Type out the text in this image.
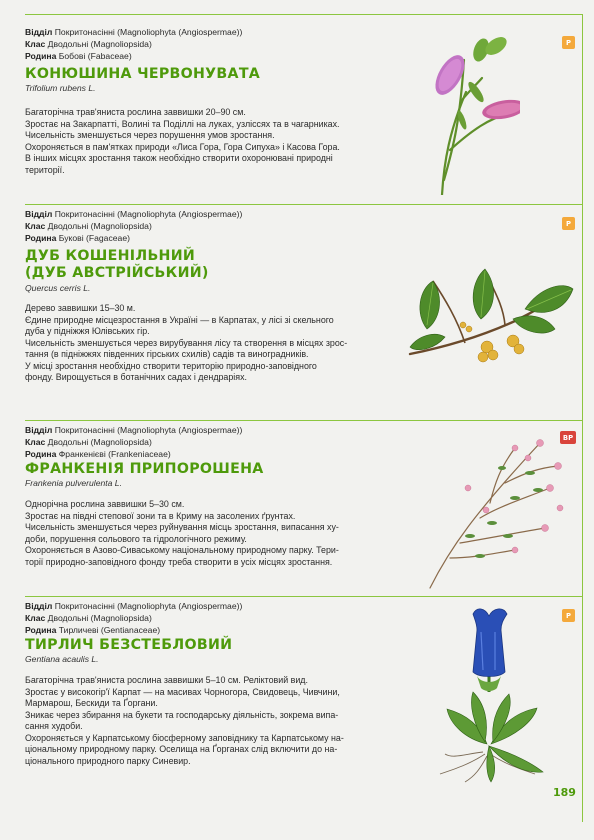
Відділ Покритонасінні (Magnoliophyta (Angiospermae))
Клас Дводольні (Magnoliopsida)
Родина Бобові (Fabaceae)
КОНЮШИНА ЧЕРВОНУВАТА
Trifolium rubens L.
Багаторічна трав'яниста рослина заввишки 20–90 см.
Зростає на Закарпатті, Волині та Поділлі на луках, узліссях та в чагарниках.
Чисельність зменшується через порушення умов зростання.
Охороняється в пам'ятках природи «Лиса Гора, Гора Сипуха» і Касова Гора.
В інших місцях зростання також необхідно створити охоронювані природні
території.
Р
Відділ Покритонасінні (Magnoliophyta (Angiospermae))
Клас Дводольні (Magnoliopsida)
Родина Букові (Fagaceae)
ДУБ КОШЕНІЛЬНИЙ
(ДУБ АВСТРІЙСЬКИЙ)
Quercus cerris L.
Дерево заввишки 15–30 м.
Єдине природне місцезростання в Україні — в Карпатах, у лісі зі скельного
дуба у підніжжя Юлівських гір.
Чисельність зменшується через вирубування лісу та створення в місцях зрос-
тання (в підніжжях південних гірських схилів) садів та виноградників.
У місці зростання необхідно створити територію природно-заповідного
фонду. Вирощується в ботанічних садах і дендраріях.
Р
Відділ Покритонасінні (Magnoliophyta (Angiospermae))
Клас Дводольні (Magnoliopsida)
Родина Франкенієві (Frankeniaceae)
ФРАНКЕНІЯ ПРИПОРОШЕНА
Frankenia pulverulenta L.
Однорічна рослина заввишки 5–30 см.
Зростає на півдні степової зони та в Криму на засолених ґрунтах.
Чисельність зменшується через руйнування місць зростання, випасання ху-
доби, порушення сольового та гідрологічного режиму.
Охороняється в Азово-Сиваському національному природному парку. Тери-
торії природно-заповідного фонду треба створити в усіх місцях зростання.
ВР
Відділ Покритонасінні (Magnoliophyta (Angiospermae))
Клас Дводольні (Magnoliopsida)
Родина Тирличеві (Gentianaceae)
ТИРЛИЧ БЕЗСТЕБЛОВИЙ
Gentiana acaulis L.
Багаторічна трав'яниста рослина заввишки 5–10 см. Реліктовий вид.
Зростає у високогір'ї Карпат — на масивах Чорногора, Свидовець, Чивчини,
Мармарош, Бескиди та Ґоргани.
Зникає через збирання на букети та господарську діяльність, зокрема випа-
сання худоби.
Охороняється у Карпатському біосферному заповіднику та Карпатському на-
ціональному природному парку. Оселища на Ґорганах слід включити до на-
ціонального природного парку Синевир.
Р
189
